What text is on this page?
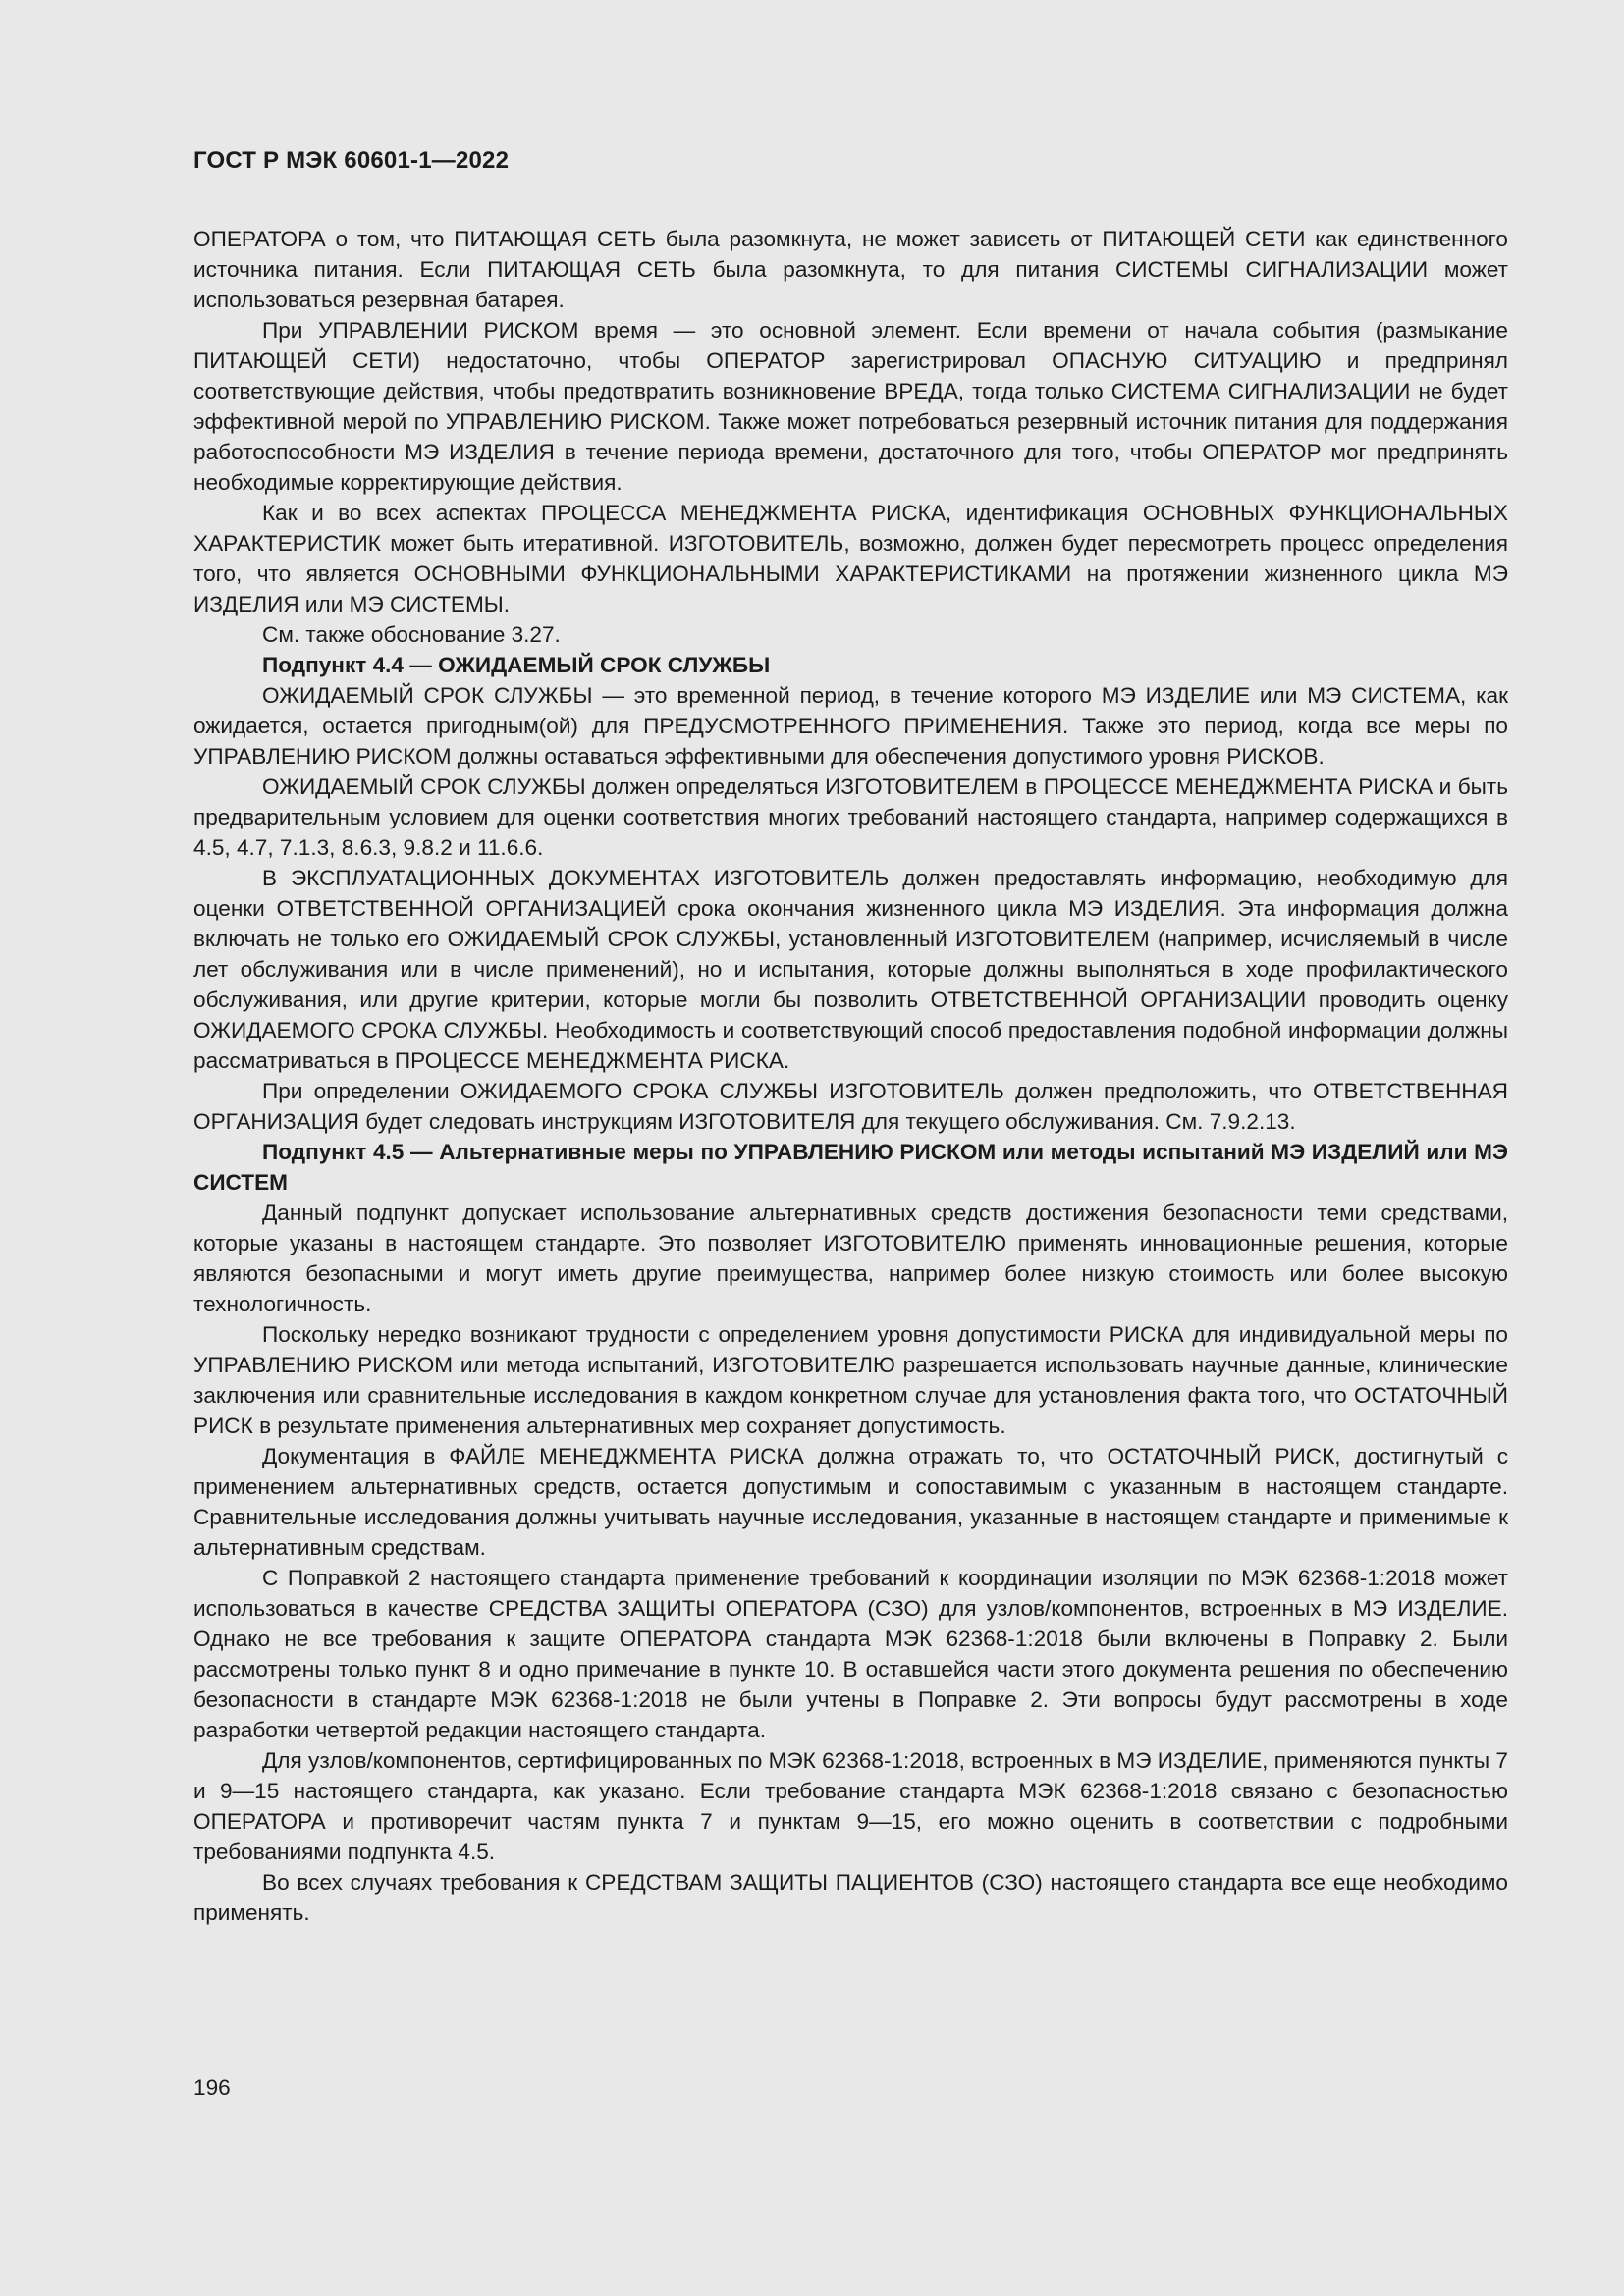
ГОСТ Р МЭК 60601-1—2022

ОПЕРАТОРА о том, что ПИТАЮЩАЯ СЕТЬ была разомкнута, не может зависеть от ПИТАЮЩЕЙ СЕТИ как единственного источника питания. Если ПИТАЮЩАЯ СЕТЬ была разомкнута, то для питания СИСТЕМЫ СИГНАЛИЗАЦИИ может использоваться резервная батарея.

При УПРАВЛЕНИИ РИСКОМ время — это основной элемент. Если времени от начала события (размыкание ПИТАЮЩЕЙ СЕТИ) недостаточно, чтобы ОПЕРАТОР зарегистрировал ОПАСНУЮ СИТУАЦИЮ и предпринял соответствующие действия, чтобы предотвратить возникновение ВРЕДА, тогда только СИСТЕМА СИГНАЛИЗАЦИИ не будет эффективной мерой по УПРАВЛЕНИЮ РИСКОМ. Также может потребоваться резервный источник питания для поддержания работоспособности МЭ ИЗДЕЛИЯ в течение периода времени, достаточного для того, чтобы ОПЕРАТОР мог предпринять необходимые корректирующие действия.

Как и во всех аспектах ПРОЦЕССА МЕНЕДЖМЕНТА РИСКА, идентификация ОСНОВНЫХ ФУНКЦИОНАЛЬНЫХ ХАРАКТЕРИСТИК может быть итеративной. ИЗГОТОВИТЕЛЬ, возможно, должен будет пересмотреть процесс определения того, что является ОСНОВНЫМИ ФУНКЦИОНАЛЬНЫМИ ХАРАКТЕРИСТИКАМИ на протяжении жизненного цикла МЭ ИЗДЕЛИЯ или МЭ СИСТЕМЫ.

См. также обоснование 3.27.

Подпункт 4.4 — ОЖИДАЕМЫЙ СРОК СЛУЖБЫ

ОЖИДАЕМЫЙ СРОК СЛУЖБЫ — это временной период, в течение которого МЭ ИЗДЕЛИЕ или МЭ СИСТЕМА, как ожидается, остается пригодным(ой) для ПРЕДУСМОТРЕННОГО ПРИМЕНЕНИЯ. Также это период, когда все меры по УПРАВЛЕНИЮ РИСКОМ должны оставаться эффективными для обеспечения допустимого уровня РИСКОВ.

ОЖИДАЕМЫЙ СРОК СЛУЖБЫ должен определяться ИЗГОТОВИТЕЛЕМ в ПРОЦЕССЕ МЕНЕДЖМЕНТА РИСКА и быть предварительным условием для оценки соответствия многих требований настоящего стандарта, например содержащихся в 4.5, 4.7, 7.1.3, 8.6.3, 9.8.2 и 11.6.6.

В ЭКСПЛУАТАЦИОННЫХ ДОКУМЕНТАХ ИЗГОТОВИТЕЛЬ должен предоставлять информацию, необходимую для оценки ОТВЕТСТВЕННОЙ ОРГАНИЗАЦИЕЙ срока окончания жизненного цикла МЭ ИЗДЕЛИЯ. Эта информация должна включать не только его ОЖИДАЕМЫЙ СРОК СЛУЖБЫ, установленный ИЗГОТОВИТЕЛЕМ (например, исчисляемый в числе лет обслуживания или в числе применений), но и испытания, которые должны выполняться в ходе профилактического обслуживания, или другие критерии, которые могли бы позволить ОТВЕТСТВЕННОЙ ОРГАНИЗАЦИИ проводить оценку ОЖИДАЕМОГО СРОКА СЛУЖБЫ. Необходимость и соответствующий способ предоставления подобной информации должны рассматриваться в ПРОЦЕССЕ МЕНЕДЖМЕНТА РИСКА.

При определении ОЖИДАЕМОГО СРОКА СЛУЖБЫ ИЗГОТОВИТЕЛЬ должен предположить, что ОТВЕТСТВЕННАЯ ОРГАНИЗАЦИЯ будет следовать инструкциям ИЗГОТОВИТЕЛЯ для текущего обслуживания. См. 7.9.2.13.

Подпункт 4.5 — Альтернативные меры по УПРАВЛЕНИЮ РИСКОМ или методы испытаний МЭ ИЗДЕЛИЙ или МЭ СИСТЕМ

Данный подпункт допускает использование альтернативных средств достижения безопасности теми средствами, которые указаны в настоящем стандарте. Это позволяет ИЗГОТОВИТЕЛЮ применять инновационные решения, которые являются безопасными и могут иметь другие преимущества, например более низкую стоимость или более высокую технологичность.

Поскольку нередко возникают трудности с определением уровня допустимости РИСКА для индивидуальной меры по УПРАВЛЕНИЮ РИСКОМ или метода испытаний, ИЗГОТОВИТЕЛЮ разрешается использовать научные данные, клинические заключения или сравнительные исследования в каждом конкретном случае для установления факта того, что ОСТАТОЧНЫЙ РИСК в результате применения альтернативных мер сохраняет допустимость.

Документация в ФАЙЛЕ МЕНЕДЖМЕНТА РИСКА должна отражать то, что ОСТАТОЧНЫЙ РИСК, достигнутый с применением альтернативных средств, остается допустимым и сопоставимым с указанным в настоящем стандарте. Сравнительные исследования должны учитывать научные исследования, указанные в настоящем стандарте и применимые к альтернативным средствам.

С Поправкой 2 настоящего стандарта применение требований к координации изоляции по МЭК 62368-1:2018 может использоваться в качестве СРЕДСТВА ЗАЩИТЫ ОПЕРАТОРА (СЗО) для узлов/компонентов, встроенных в МЭ ИЗДЕЛИЕ. Однако не все требования к защите ОПЕРАТОРА стандарта МЭК 62368-1:2018 были включены в Поправку 2. Были рассмотрены только пункт 8 и одно примечание в пункте 10. В оставшейся части этого документа решения по обеспечению безопасности в стандарте МЭК 62368-1:2018 не были учтены в Поправке 2. Эти вопросы будут рассмотрены в ходе разработки четвертой редакции настоящего стандарта.

Для узлов/компонентов, сертифицированных по МЭК 62368-1:2018, встроенных в МЭ ИЗДЕЛИЕ, применяются пункты 7 и 9—15 настоящего стандарта, как указано. Если требование стандарта МЭК 62368-1:2018 связано с безопасностью ОПЕРАТОРА и противоречит частям пункта 7 и пунктам 9—15, его можно оценить в соответствии с подробными требованиями подпункта 4.5.

Во всех случаях требования к СРЕДСТВАМ ЗАЩИТЫ ПАЦИЕНТОВ (СЗО) настоящего стандарта все еще необходимо применять.

196
